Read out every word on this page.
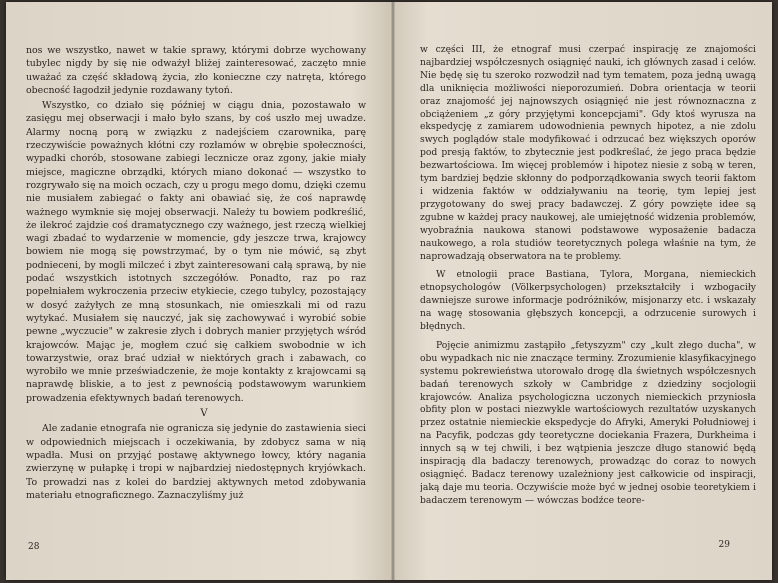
nos we wszystko, nawet w takie sprawy, którymi dobrze wychowany tubylec nigdy by się nie odważył bliżej zainteresować, zaczęto mnie uważać za część składową życia, zło konieczne czy natręta, którego obecność łagodził jedynie rozdawany tytoń.

Wszystko, co działo się później w ciągu dnia, pozostawało w zasięgu mej obserwacji i mało było szans, by coś uszło mej uwadze. Alarmy nocną porą w związku z nadejściem czarownika, parę rzeczywiście poważnych kłótni czy rozłamów w obrębie społeczności, wypadki chorób, stosowane zabiegi lecznicze oraz zgony, jakie miały miejsce, magiczne obrządki, których miano dokonać — wszystko to rozgrywało się na moich oczach, czy u progu mego domu, dzięki czemu nie musiałem zabiegać o fakty ani obawiać się, że coś naprawdę ważnego wymknie się mojej obserwacji. Należy tu bowiem podkreślić, że ilekroć zajdzie coś dramatycznego czy ważnego, jest rzeczą wielkiej wagi zbadać to wydarzenie w momencie, gdy jeszcze trwa, krajowcy bowiem nie mogą się powstrzymać, by o tym nie mówić, są zbyt podnieceni, by mogli milczeć i zbyt zainteresowani całą sprawą, by nie podać wszystkich istotnych szczegółów. Ponadto, raz po raz popełniałem wykroczenia przeciw etykiecie, czego tubylcy, pozostający w dosyć zażyłych ze mną stosunkach, nie omieszkali mi od razu wytykać. Musiałem się nauczyć, jak się zachowywać i wyrobić sobie pewne „wyczucie" w zakresie złych i dobrych manier przyjętych wśród krajowców. Mając je, mogłem czuć się całkiem swobodnie w ich towarzystwie, oraz brać udział w niektórych grach i zabawach, co wyrobiło we mnie przeświadczenie, że moje kontakty z krajowcami są naprawdę bliskie, a to jest z pewnością podstawowym warunkiem prowadzenia efektywnych badań terenowych.

V

Ale zadanie etnografa nie ogranicza się jedynie do zastawienia sieci w odpowiednich miejscach i oczekiwania, by zdobycz sama w nią wpadła. Musi on przyjąć postawę aktywnego łowcy, który nagania zwierzynę w pułapkę i tropi w najbardziej niedostępnych kryjówkach. To prowadzi nas z kolei do bardziej aktywnych metod zdobywania materiału etnograficznego. Zaznaczyliśmy już

28

w części III, że etnograf musi czerpać inspirację ze znajomości najbardziej współczesnych osiągnięć nauki, ich głównych zasad i celów. Nie będę się tu szeroko rozwodził nad tym tematem, poza jedną uwagą dla uniknięcia możliwości nieporozumień. Dobra orientacja w teorii oraz znajomość jej najnowszych osiągnięć nie jest równoznaczna z obciążeniem „z góry przyjętymi koncepcjami". Gdy ktoś wyrusza na ekspedycję z zamiarem udowodnienia pewnych hipotez, a nie zdolu swych poglądów stale modyfikować i odrzucać bez większych oporów pod presją faktów, to zbytecznie jest podkreślać, że jego praca będzie bezwartościowa. Im więcej problemów i hipotez niesie z sobą w teren, tym bardziej będzie skłonny do podporządkowania swych teorii faktom i widzenia faktów w oddziaływaniu na teorię, tym lepiej jest przygotowany do swej pracy badawczej. Z góry powzięte idee są zgubne w każdej pracy naukowej, ale umiejętność widzenia problemów, wyobraźnia naukowa stanowi podstawowe wyposażenie badacza naukowego, a rola studiów teoretycznych polega właśnie na tym, że naprowadzają obserwatora na te problemy.

W etnologii prace Bastiana, Tylora, Morgana, niemieckich etnopsychologów (Völkerpsychologen) przekształciły i wzbogaciły dawniejsze surowe informacje podróżników, misjonarzy etc. i wskazały na wagę stosowania głębszych koncepcji, a odrzucenie surowych i błędnych.

Pojęcie animizmu zastąpiło „fetyszyzm" czy „kult złego ducha", w obu wypadkach nic nie znaczące terminy. Zrozumienie klasyfikacyjnego systemu pokrewieństwa utorowało drogę dla świetnych współczesnych badań terenowych szkoły w Cambridge z dziedziny socjologii krajowców. Analiza psychologiczna uczonych niemieckich przyniosła obfity plon w postaci niezwykle wartościowych rezultatów uzyskanych przez ostatnie niemieckie ekspedycje do Afryki, Ameryki Południowej i na Pacyfik, podczas gdy teoretyczne dociekania Frazera, Durkheima i innych są w tej chwili, i bez wątpienia jeszcze długo stanowić będą inspiracją dla badaczy terenowych, prowadząc do coraz to nowych osiągnięć. Badacz terenowy uzależniony jest całkowicie od inspiracji, jaką daje mu teoria. Oczywiście może być w jednej osobie teoretykiem i badaczem terenowym — wówczas bodźce teore-

29
